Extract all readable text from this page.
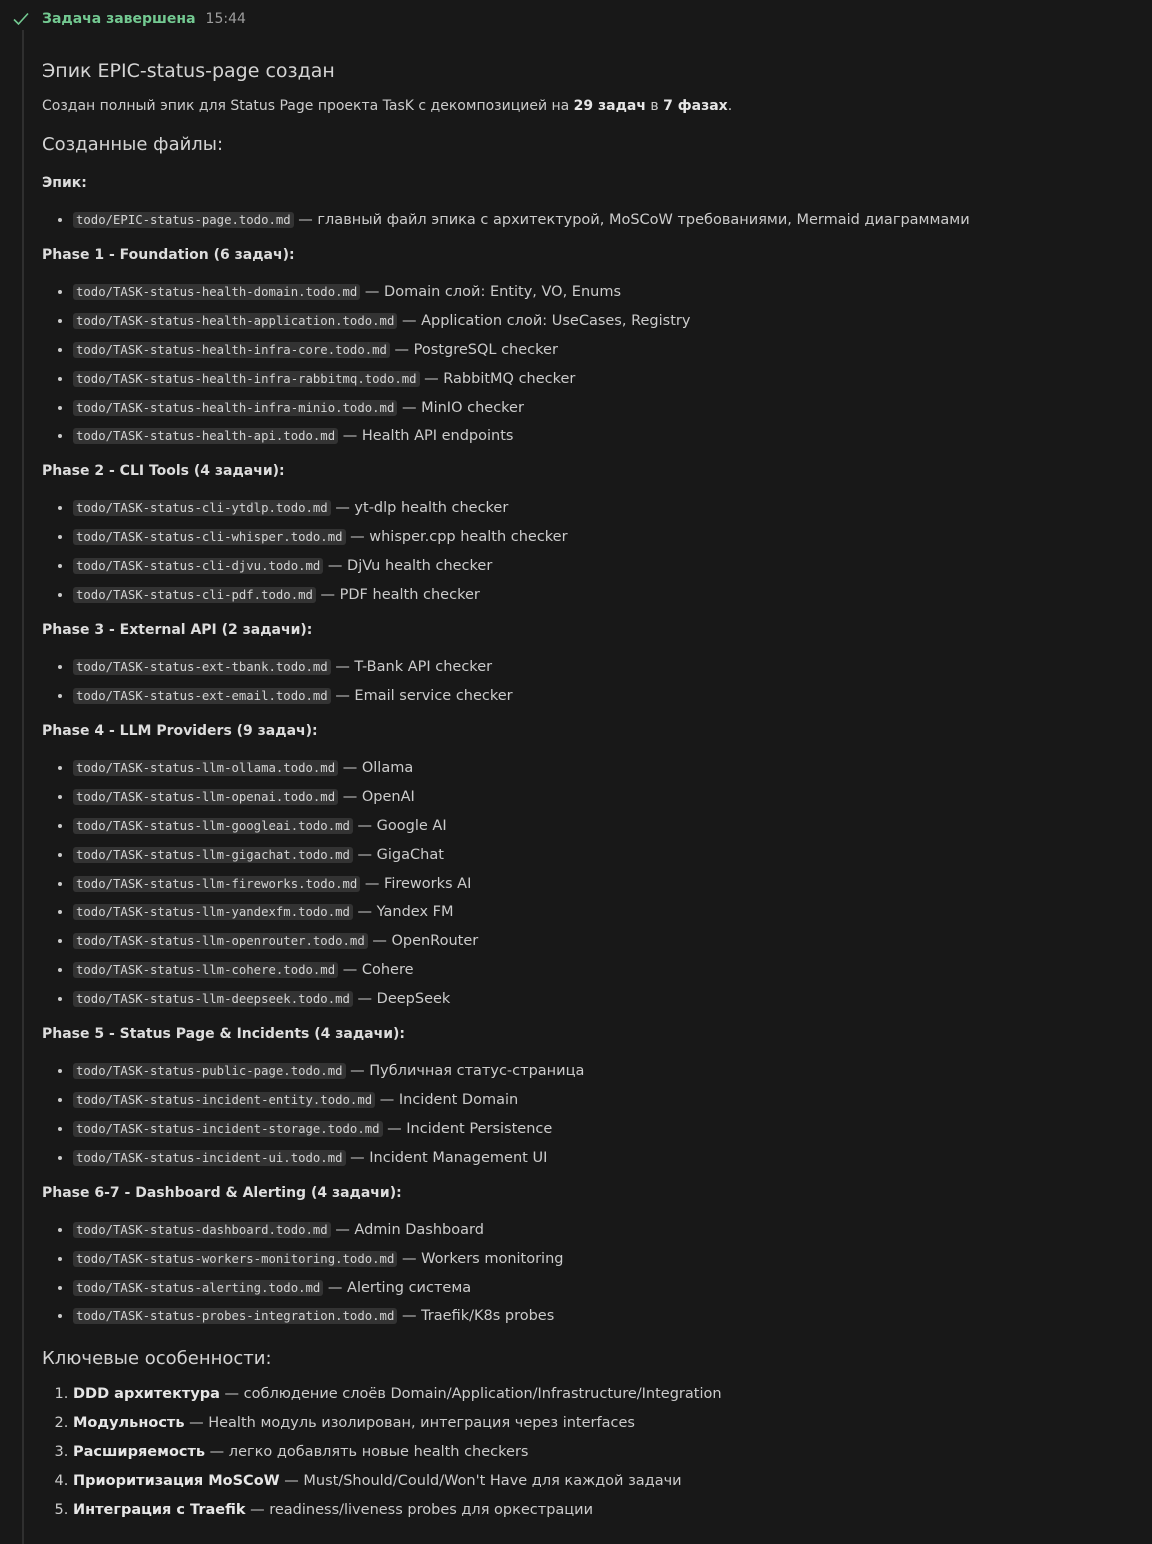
Задача завершена 15:44
Эпик EPIC-status-page создан

Создан полный эпик для Status Page проекта TasK с декомпозицией на 29 задач в 7 фазах.

Созданные файлы:
Эпик:
• todo/EPIC-status-page.todo.md — главный файл эпика с архитектурой, MoSCoW требованиями, Mermaid диаграммами
Phase 1 - Foundation (6 задач):
• todo/TASK-status-health-domain.todo.md — Domain слой: Entity, VO, Enums
• todo/TASK-status-health-application.todo.md — Application слой: UseCases, Registry
• todo/TASK-status-health-infra-core.todo.md — PostgreSQL checker
• todo/TASK-status-health-infra-rabbitmq.todo.md — RabbitMQ checker
• todo/TASK-status-health-infra-minio.todo.md — MinIO checker
• todo/TASK-status-health-api.todo.md — Health API endpoints
Phase 2 - CLI Tools (4 задачи):
• todo/TASK-status-cli-ytdlp.todo.md — yt-dlp health checker
• todo/TASK-status-cli-whisper.todo.md — whisper.cpp health checker
• todo/TASK-status-cli-djvu.todo.md — DjVu health checker
• todo/TASK-status-cli-pdf.todo.md — PDF health checker
Phase 3 - External API (2 задачи):
• todo/TASK-status-ext-tbank.todo.md — T-Bank API checker
• todo/TASK-status-ext-email.todo.md — Email service checker
Phase 4 - LLM Providers (9 задач):
• todo/TASK-status-llm-ollama.todo.md — Ollama
• todo/TASK-status-llm-openai.todo.md — OpenAI
• todo/TASK-status-llm-googleai.todo.md — Google AI
• todo/TASK-status-llm-gigachat.todo.md — GigaChat
• todo/TASK-status-llm-fireworks.todo.md — Fireworks AI
• todo/TASK-status-llm-yandexfm.todo.md — Yandex FM
• todo/TASK-status-llm-openrouter.todo.md — OpenRouter
• todo/TASK-status-llm-cohere.todo.md — Cohere
• todo/TASK-status-llm-deepseek.todo.md — DeepSeek
Phase 5 - Status Page & Incidents (4 задачи):
• todo/TASK-status-public-page.todo.md — Публичная статус-страница
• todo/TASK-status-incident-entity.todo.md — Incident Domain
• todo/TASK-status-incident-storage.todo.md — Incident Persistence
• todo/TASK-status-incident-ui.todo.md — Incident Management UI
Phase 6-7 - Dashboard & Alerting (4 задачи):
• todo/TASK-status-dashboard.todo.md — Admin Dashboard
• todo/TASK-status-workers-monitoring.todo.md — Workers monitoring
• todo/TASK-status-alerting.todo.md — Alerting система
• todo/TASK-status-probes-integration.todo.md — Traefik/K8s probes
Ключевые особенности:
1. DDD архитектура — соблюдение слоёв Domain/Application/Infrastructure/Integration
2. Модульность — Health модуль изолирован, интеграция через interfaces
3. Расширяемость — легко добавлять новые health checkers
4. Приоритизация MoSCoW — Must/Should/Could/Won't Have для каждой задачи
5. Интеграция с Traefik — readiness/liveness probes для оркестрации
